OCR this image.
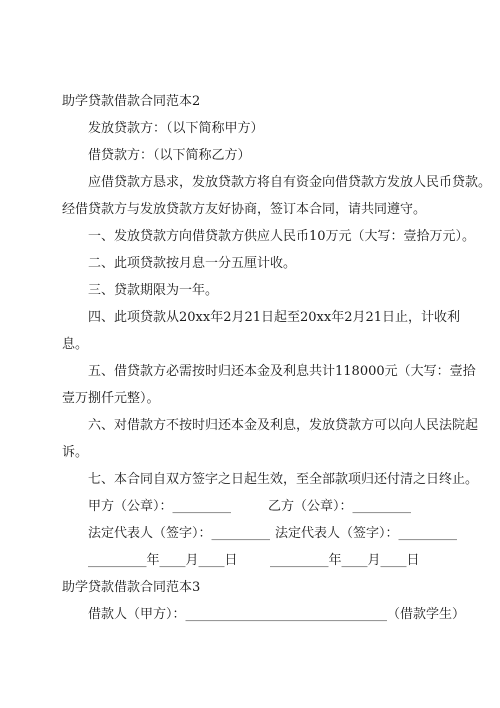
助学贷款借款合同范本2
发放贷款方：（以下简称甲方）
借贷款方：（以下简称乙方）
应借贷款方恳求，发放贷款方将自有资金向借贷款方发放人民币贷款。
经借贷款方与发放贷款方友好协商，签订本合同，请共同遵守。
一、发放贷款方向借贷款方供应人民币10万元（大写：壹拾万元）。
二、此项贷款按月息一分五厘计收。
三、贷款期限为一年。
四、此项贷款从20xx年2月21日起至20xx年2月21日止，计收利
息。
五、借贷款方必需按时归还本金及利息共计118000元（大写：壹拾
壹万捌仟元整）。
六、对借款方不按时归还本金及利息，发放贷款方可以向人民法院起
诉。
七、本合同自双方签字之日起生效，至全部款项归还付清之日终止。
甲方（公章）：_________	乙方（公章）：_________
法定代表人（签字）：_________ 法定代表人（签字）：_________
_________年____月____日 _________年____月____日
助学贷款借款合同范本3
借款人（甲方）：_______________________________（借款学生）
